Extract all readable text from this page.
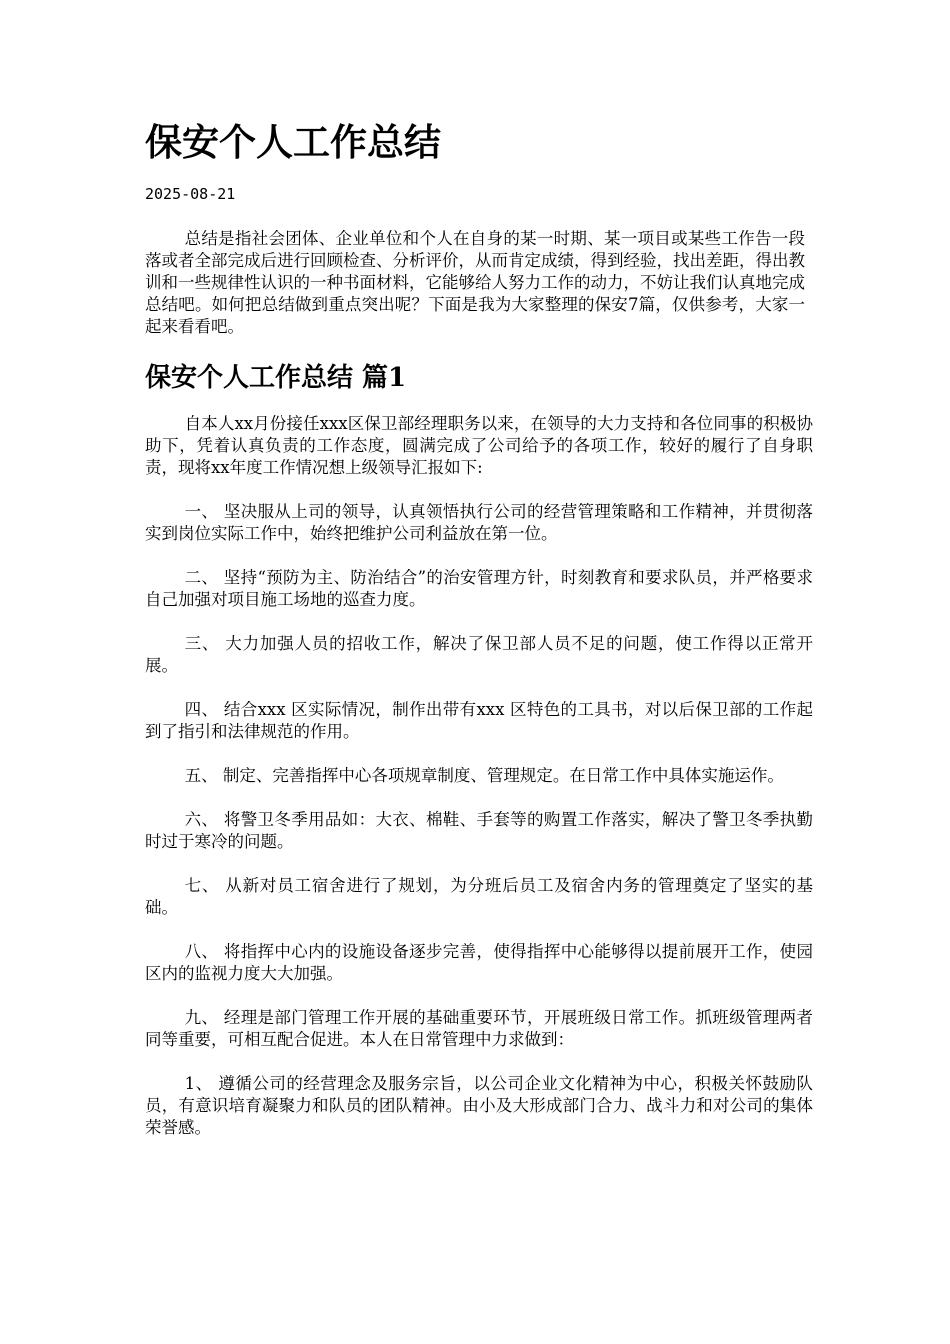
保安个人工作总结
2025-08-21

总结是指社会团体、企业单位和个人在自身的某一时期、某一项目或某些工作告一段落或者全部完成后进行回顾检查、分析评价，从而肯定成绩，得到经验，找出差距，得出教训和一些规律性认识的一种书面材料，它能够给人努力工作的动力，不妨让我们认真地完成总结吧。如何把总结做到重点突出呢？下面是我为大家整理的保安7篇，仅供参考，大家一起来看看吧。

保安个人工作总结 篇1

自本人xx月份接任xxx区保卫部经理职务以来，在领导的大力支持和各位同事的积极协助下，凭着认真负责的工作态度，圆满完成了公司给予的各项工作，较好的履行了自身职责，现将xx年度工作情况想上级领导汇报如下:

一、 坚决服从上司的领导，认真领悟执行公司的经营管理策略和工作精神，并贯彻落实到岗位实际工作中，始终把维护公司利益放在第一位。

二、 坚持“预防为主、防治结合”的治安管理方针，时刻教育和要求队员，并严格要求自己加强对项目施工场地的巡查力度。

三、 大力加强人员的招收工作，解决了保卫部人员不足的问题，使工作得以正常开展。

四、 结合xxx 区实际情况，制作出带有xxx 区特色的工具书，对以后保卫部的工作起到了指引和法律规范的作用。

五、 制定、完善指挥中心各项规章制度、管理规定。在日常工作中具体实施运作。

六、 将警卫冬季用品如：大衣、棉鞋、手套等的购置工作落实，解决了警卫冬季执勤时过于寒冷的问题。

七、 从新对员工宿舍进行了规划，为分班后员工及宿舍内务的管理奠定了坚实的基础。

八、 将指挥中心内的设施设备逐步完善，使得指挥中心能够得以提前展开工作，使园区内的监视力度大大加强。

九、 经理是部门管理工作开展的基础重要环节，开展班级日常工作。抓班级管理两者同等重要，可相互配合促进。本人在日常管理中力求做到：

1、 遵循公司的经营理念及服务宗旨，以公司企业文化精神为中心，积极关怀鼓励队员，有意识培育凝聚力和队员的团队精神。由小及大形成部门合力、战斗力和对公司的集体荣誉感。
